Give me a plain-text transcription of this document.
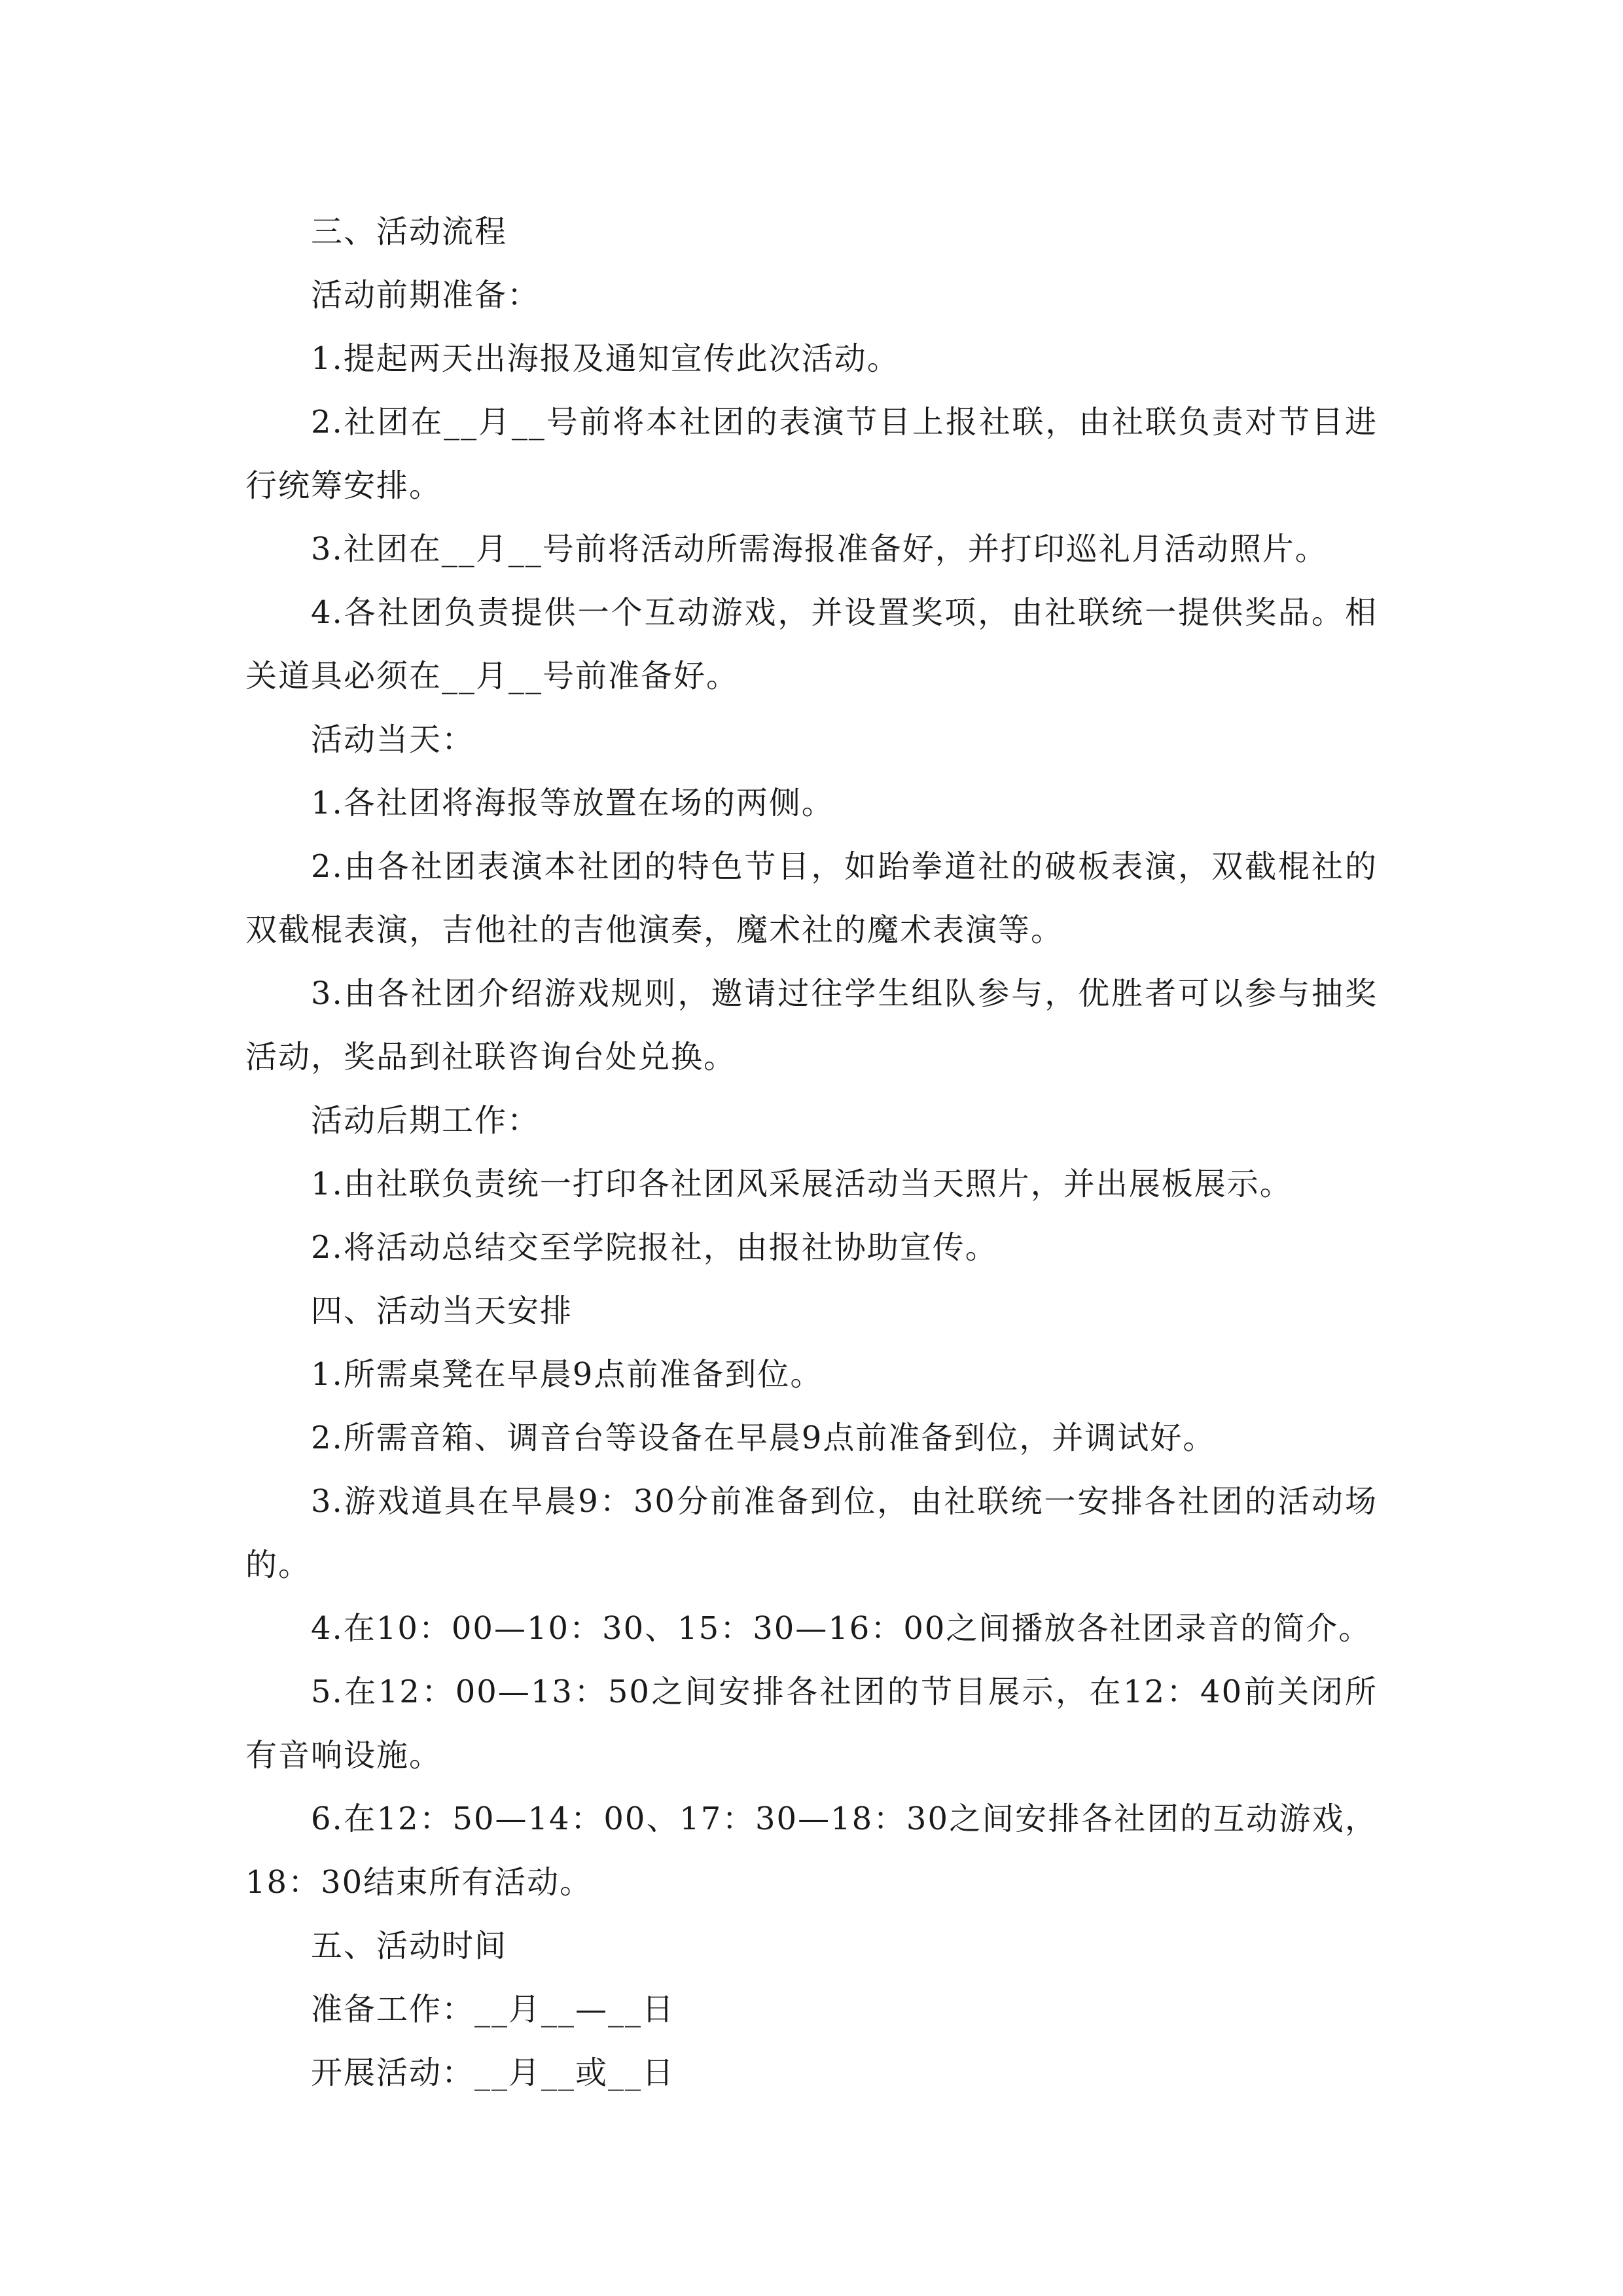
三、活动流程

活动前期准备：

1.提起两天出海报及通知宣传此次活动。

2.社团在__月__号前将本社团的表演节目上报社联，由社联负责对节目进行统筹安排。

3.社团在__月__号前将活动所需海报准备好，并打印巡礼月活动照片。

4.各社团负责提供一个互动游戏，并设置奖项，由社联统一提供奖品。相关道具必须在__月__号前准备好。

活动当天：

1.各社团将海报等放置在场的两侧。

2.由各社团表演本社团的特色节目，如跆拳道社的破板表演，双截棍社的双截棍表演，吉他社的吉他演奏，魔术社的魔术表演等。

3.由各社团介绍游戏规则，邀请过往学生组队参与，优胜者可以参与抽奖活动，奖品到社联咨询台处兑换。

活动后期工作：

1.由社联负责统一打印各社团风采展活动当天照片，并出展板展示。

2.将活动总结交至学院报社，由报社协助宣传。

四、活动当天安排

1.所需桌凳在早晨9点前准备到位。

2.所需音箱、调音台等设备在早晨9点前准备到位，并调试好。

3.游戏道具在早晨9：30分前准备到位，由社联统一安排各社团的活动场的。

4.在10：00—10：30、15：30—16：00之间播放各社团录音的简介。

5.在12：00—13：50之间安排各社团的节目展示，在12：40前关闭所有音响设施。

6.在12：50—14：00、17：30—18：30之间安排各社团的互动游戏，18：30结束所有活动。

五、活动时间

准备工作：__月__—__日

开展活动：__月__或__日
